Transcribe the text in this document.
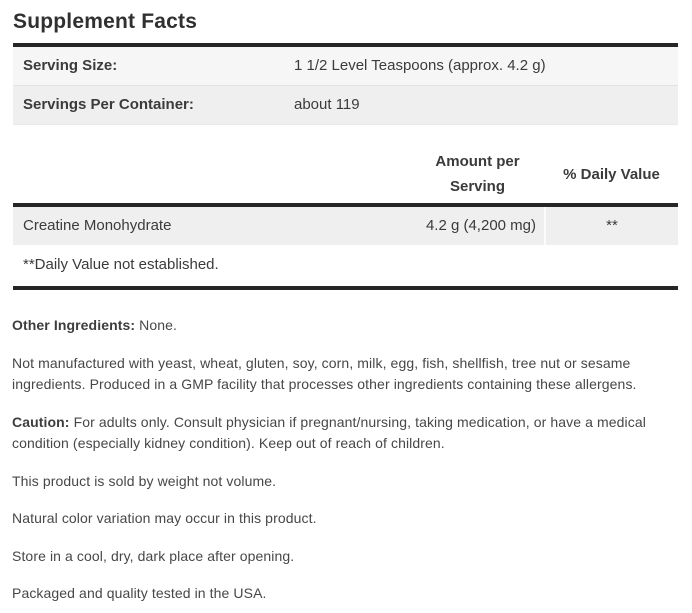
Supplement Facts
Serving Size:	1 1/2 Level Teaspoons (approx. 4.2 g)
Servings Per Container:	about 119
	Amount per Serving	% Daily Value
Creatine Monohydrate	4.2 g (4,200 mg)	**
**Daily Value not established.		

Other Ingredients: None.

Not manufactured with yeast, wheat, gluten, soy, corn, milk, egg, fish, shellfish, tree nut or sesame ingredients. Produced in a GMP facility that processes other ingredients containing these allergens.

Caution: For adults only. Consult physician if pregnant/nursing, taking medication, or have a medical condition (especially kidney condition). Keep out of reach of children.

This product is sold by weight not volume.

Natural color variation may occur in this product.

Store in a cool, dry, dark place after opening.

Packaged and quality tested in the USA.
